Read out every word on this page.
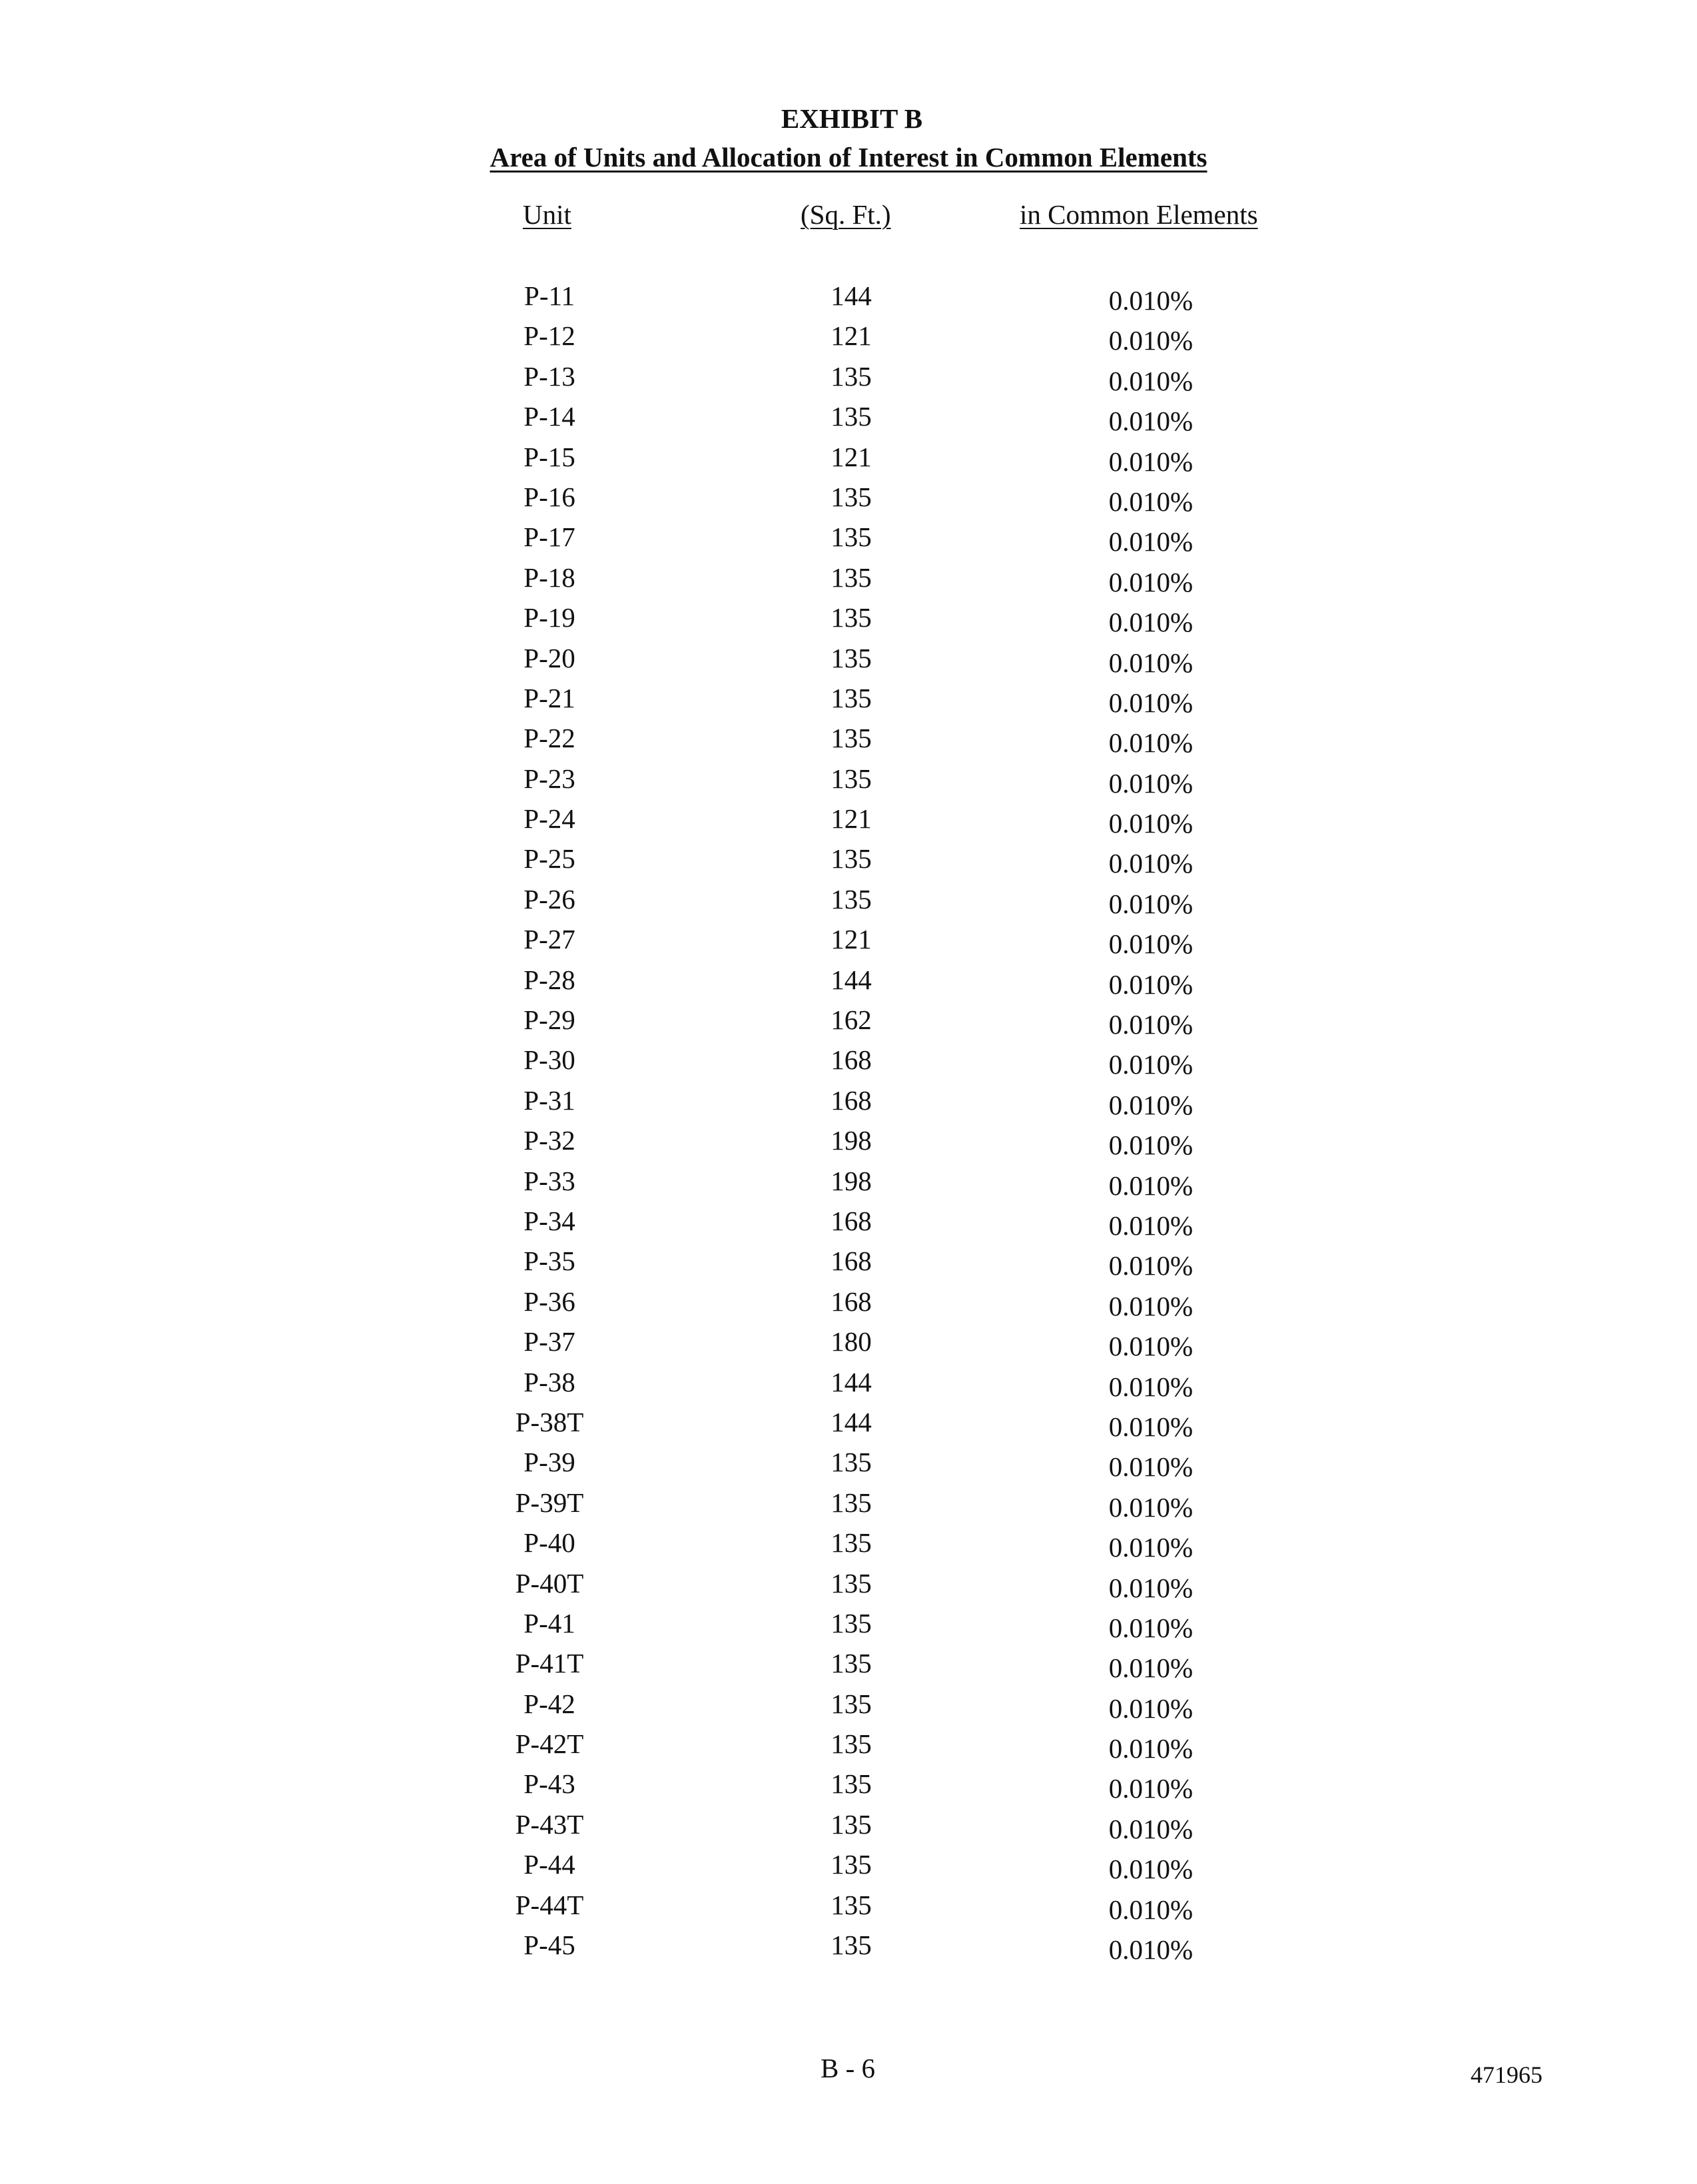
EXHIBIT B
Area of Units and Allocation of Interest in Common Elements
Unit	(Sq. Ft.)	in Common Elements
P-11	144	0.010%
P-12	121	0.010%
P-13	135	0.010%
P-14	135	0.010%
P-15	121	0.010%
P-16	135	0.010%
P-17	135	0.010%
P-18	135	0.010%
P-19	135	0.010%
P-20	135	0.010%
P-21	135	0.010%
P-22	135	0.010%
P-23	135	0.010%
P-24	121	0.010%
P-25	135	0.010%
P-26	135	0.010%
P-27	121	0.010%
P-28	144	0.010%
P-29	162	0.010%
P-30	168	0.010%
P-31	168	0.010%
P-32	198	0.010%
P-33	198	0.010%
P-34	168	0.010%
P-35	168	0.010%
P-36	168	0.010%
P-37	180	0.010%
P-38	144	0.010%
P-38T	144	0.010%
P-39	135	0.010%
P-39T	135	0.010%
P-40	135	0.010%
P-40T	135	0.010%
P-41	135	0.010%
P-41T	135	0.010%
P-42	135	0.010%
P-42T	135	0.010%
P-43	135	0.010%
P-43T	135	0.010%
P-44	135	0.010%
P-44T	135	0.010%
P-45	135	0.010%
B - 6	471965
